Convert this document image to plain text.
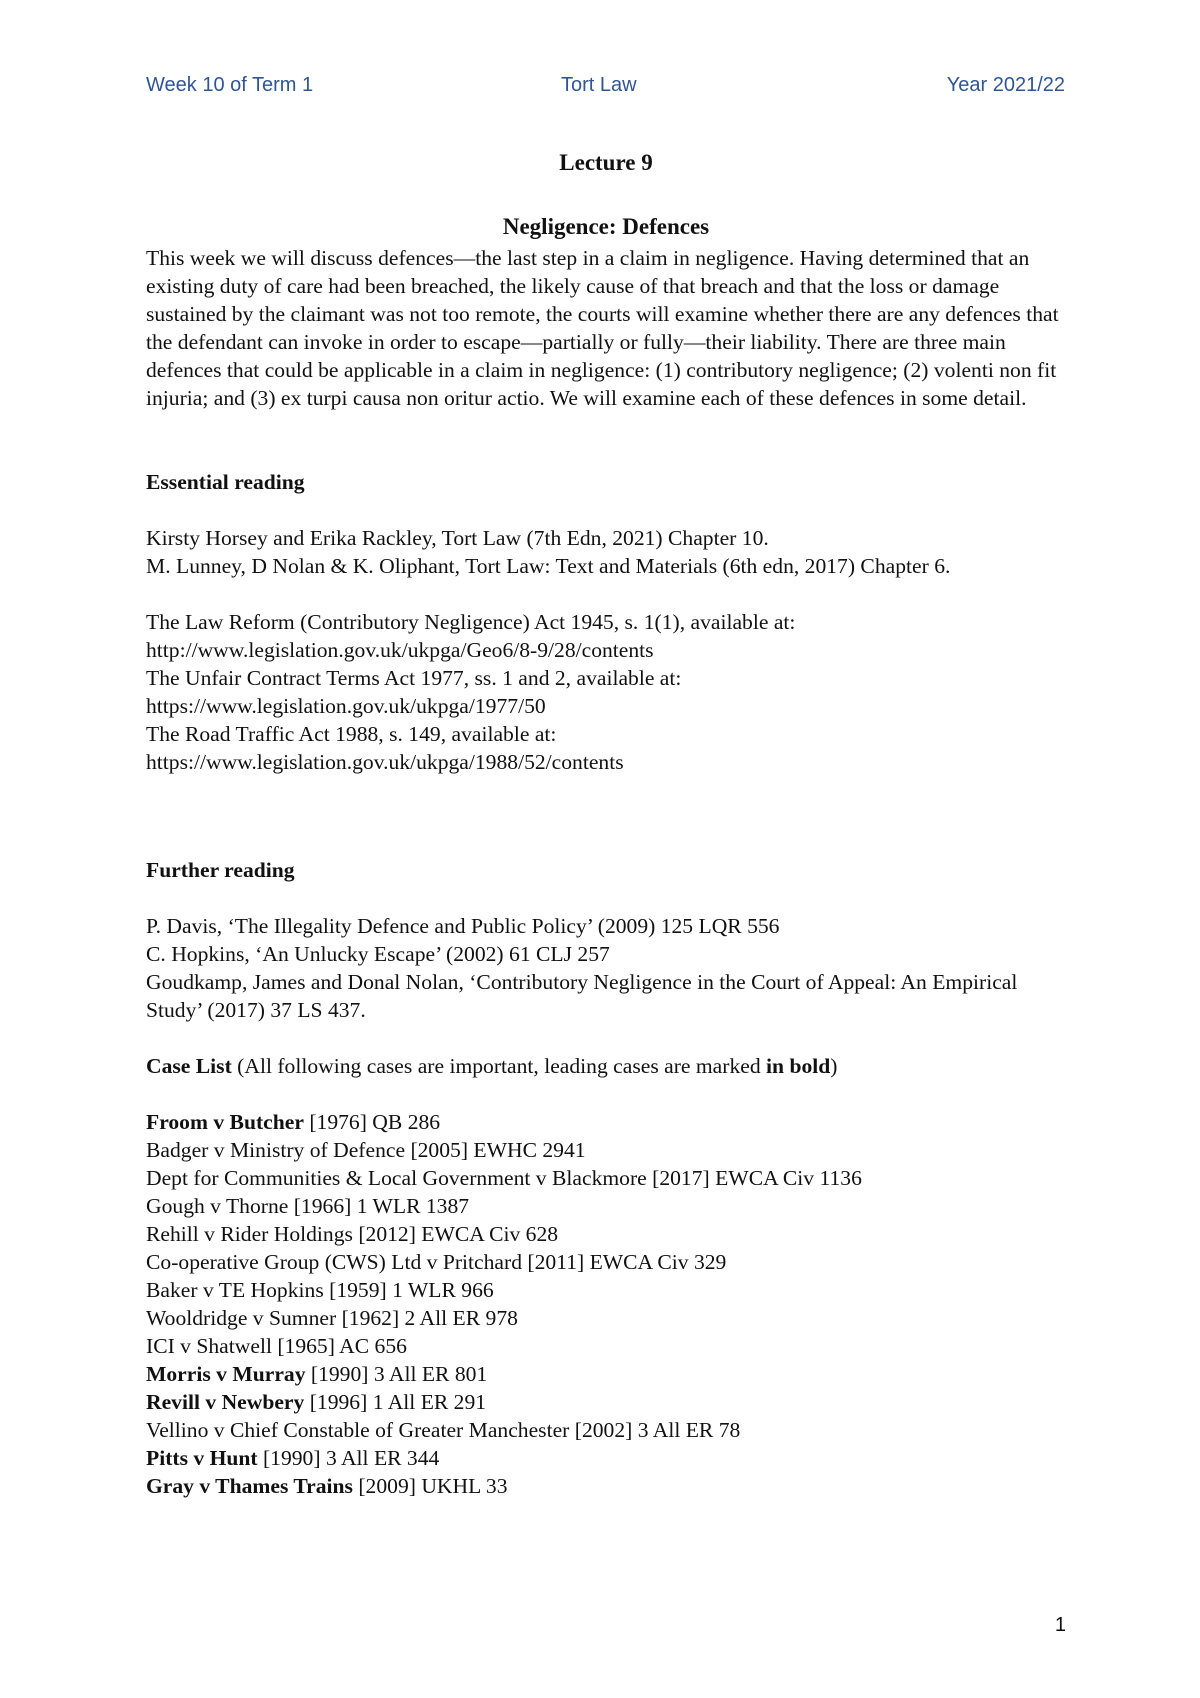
Week 10 of Term 1	Tort Law	Year 2021/22

Lecture 9

Negligence: Defences

This week we will discuss defences—the last step in a claim in negligence. Having determined that an existing duty of care had been breached, the likely cause of that breach and that the loss or damage sustained by the claimant was not too remote, the courts will examine whether there are any defences that the defendant can invoke in order to escape—partially or fully—their liability. There are three main defences that could be applicable in a claim in negligence: (1) contributory negligence; (2) volenti non fit injuria; and (3) ex turpi causa non oritur actio. We will examine each of these defences in some detail.

Essential reading

Kirsty Horsey and Erika Rackley, Tort Law (7th Edn, 2021) Chapter 10.
M. Lunney, D Nolan & K. Oliphant, Tort Law: Text and Materials (6th edn, 2017) Chapter 6.
The Law Reform (Contributory Negligence) Act 1945, s. 1(1), available at:
http://www.legislation.gov.uk/ukpga/Geo6/8-9/28/contents
The Unfair Contract Terms Act 1977, ss. 1 and 2, available at:
https://www.legislation.gov.uk/ukpga/1977/50
The Road Traffic Act 1988, s. 149, available at:
https://www.legislation.gov.uk/ukpga/1988/52/contents

Further reading

P. Davis, ‘The Illegality Defence and Public Policy’ (2009) 125 LQR 556
C. Hopkins, ‘An Unlucky Escape’ (2002) 61 CLJ 257

Goudkamp, James and Donal Nolan, ‘Contributory Negligence in the Court of Appeal: An Empirical Study’ (2017) 37 LS 437.

Case List (All following cases are important, leading cases are marked in bold)

Froom v Butcher [1976] QB 286
Badger v Ministry of Defence [2005] EWHC 2941
Dept for Communities & Local Government v Blackmore [2017] EWCA Civ 1136
Gough v Thorne [1966] 1 WLR 1387
Rehill v Rider Holdings [2012] EWCA Civ 628
Co-operative Group (CWS) Ltd v Pritchard [2011] EWCA Civ 329
Baker v TE Hopkins [1959] 1 WLR 966
Wooldridge v Sumner [1962] 2 All ER 978
ICI v Shatwell [1965] AC 656
Morris v Murray [1990] 3 All ER 801
Revill v Newbery [1996] 1 All ER 291
Vellino v Chief Constable of Greater Manchester [2002] 3 All ER 78
Pitts v Hunt [1990] 3 All ER 344
Gray v Thames Trains [2009] UKHL 33
1
